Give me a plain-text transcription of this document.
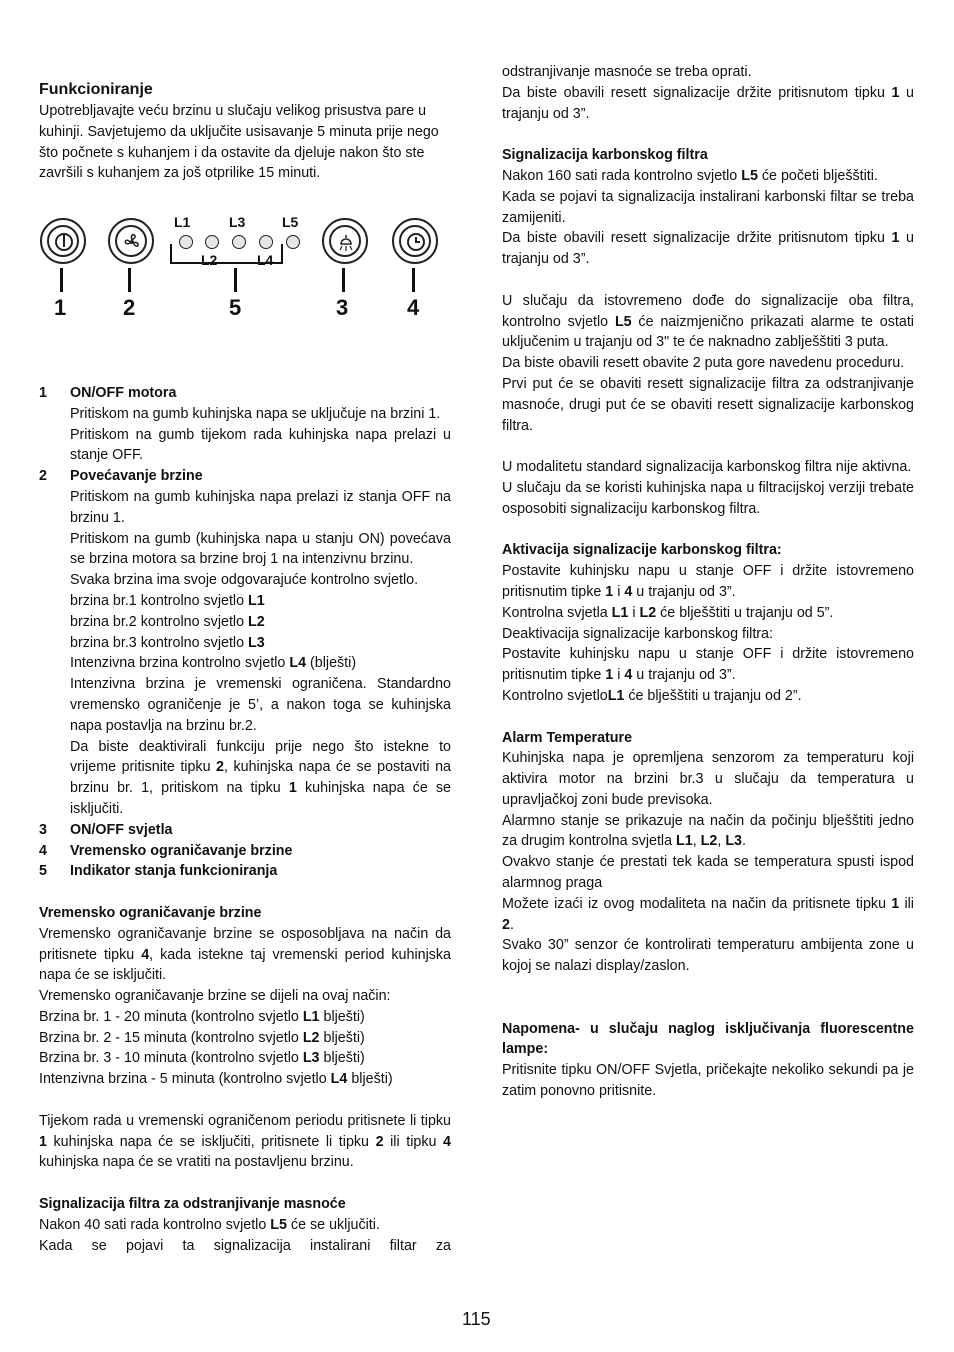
Funkcioniranje

Upotrebljavajte veću brzinu u slučaju velikog prisustva pare u kuhinji. Savjetujemo da uključite usisavanje 5 minuta prije nego što počnete s kuhanjem i da ostavite da djeluje nakon što ste završili s kuhanjem za još otprilike 15 minuti.

1	2
L1	L3	L5
L2	L4
5	3	4
1	ON/OFF motora

Pritiskom na gumb kuhinjska napa se uključuje na brzini 1.

Pritiskom na gumb tijekom rada kuhinjska napa prelazi u stanje OFF.

2	Povećavanje brzine

Pritiskom na gumb kuhinjska napa prelazi iz stanja OFF na brzinu 1.

Pritiskom na gumb (kuhinjska napa u stanju ON) povećava se brzina motora sa brzine broj 1 na intenzivnu brzinu.

Svaka brzina ima svoje odgovarajuće kontrolno svjetlo.

brzina br.1 kontrolno svjetlo L1

brzina br.2 kontrolno svjetlo L2

brzina br.3 kontrolno svjetlo L3

Intenzivna brzina kontrolno svjetlo L4 (blješti)

Intenzivna brzina je vremenski ograničena. Standardno vremensko ograničenje je 5’, a nakon toga se kuhinjska napa postavlja na brzinu br.2.

Da biste deaktivirali funkciju prije nego što istekne to vrijeme pritisnite tipku 2, kuhinjska napa će se postaviti na brzinu br. 1, pritiskom na tipku 1 kuhinjska napa će se isključiti.

3	ON/OFF svjetla
4	Vremensko ograničavanje brzine
5	Indikator stanja funkcioniranja

Vremensko ograničavanje brzine

Vremensko ograničavanje brzine se osposobljava na način da pritisnete tipku 4, kada istekne taj vremenski period kuhinjska napa će se isključiti.

Vremensko ograničavanje brzine se dijeli na ovaj način:

Brzina br. 1 - 20 minuta (kontrolno svjetlo L1 blješti)

Brzina br. 2 - 15 minuta (kontrolno svjetlo L2 blješti)

Brzina br. 3 - 10 minuta (kontrolno svjetlo L3 blješti)

Intenzivna brzina - 5 minuta (kontrolno svjetlo L4 blješti)

Tijekom rada u vremenski ograničenom periodu pritisnete li tipku 1 kuhinjska napa će se isključiti, pritisnete li tipku 2 ili tipku 4 kuhinjska napa će se vratiti na postavljenu brzinu.

Signalizacija filtra za odstranjivanje masnoće

Nakon 40 sati rada kontrolno svjetlo L5 će se uključiti.

Kada se pojavi ta signalizacija instalirani filtar za

odstranjivanje masnoće se treba oprati.

Da biste obavili resett signalizacije držite pritisnutom tipku 1 u trajanju od 3”.

Signalizacija karbonskog filtra

Nakon 160 sati rada kontrolno svjetlo L5 će početi blješštiti.

Kada se pojavi ta signalizacija instalirani karbonski filtar se treba zamijeniti.

Da biste obavili resett signalizacije držite pritisnutom tipku 1 u trajanju od 3”.

U slučaju da istovremeno dođe do signalizacije oba filtra, kontrolno svjetlo L5 će naizmjenično prikazati alarme te ostati uključenim u trajanju od 3" te će naknadno zablješštiti 3 puta.

Da biste obavili resett obavite 2 puta gore navedenu proceduru.

Prvi put će se obaviti resett signalizacije filtra za odstranjivanje masnoće, drugi put će se obaviti resett signalizacije karbonskog filtra.

U modalitetu standard signalizacija karbonskog filtra nije aktivna.

U slučaju da se koristi kuhinjska napa u filtracijskoj verziji trebate osposobiti signalizaciju karbonskog filtra.

Aktivacija signalizacije karbonskog filtra:

Postavite kuhinjsku napu u stanje OFF i držite istovremeno pritisnutim tipke 1 i 4 u trajanju od 3”.

Kontrolna svjetla L1 i L2 će blješštiti u trajanju od 5”.

Deaktivacija signalizacije karbonskog filtra:

Postavite kuhinjsku napu u stanje OFF i držite istovremeno pritisnutim tipke 1 i 4 u trajanju od 3”.

Kontrolno svjetloL1 će blješštiti u trajanju od 2”.

Alarm Temperature

Kuhinjska napa je opremljena senzorom za temperaturu koji aktivira motor na brzini br.3 u slučaju da temperatura u upravljačkoj zoni bude previsoka.

Alarmno stanje se prikazuje na način da počinju blješštiti jedno za drugim kontrolna svjetla L1, L2, L3.

Ovakvo stanje će prestati tek kada se temperatura spusti ispod alarmnog praga

Možete izaći iz ovog modaliteta na način da pritisnete tipku 1 ili 2.

Svako 30” senzor će kontrolirati temperaturu ambijenta zone u kojoj se nalazi display/zaslon.

Napomena- u slučaju naglog isključivanja fluorescentne lampe:

Pritisnite tipku ON/OFF Svjetla, pričekajte nekoliko sekundi pa je zatim ponovno pritisnite.

115
